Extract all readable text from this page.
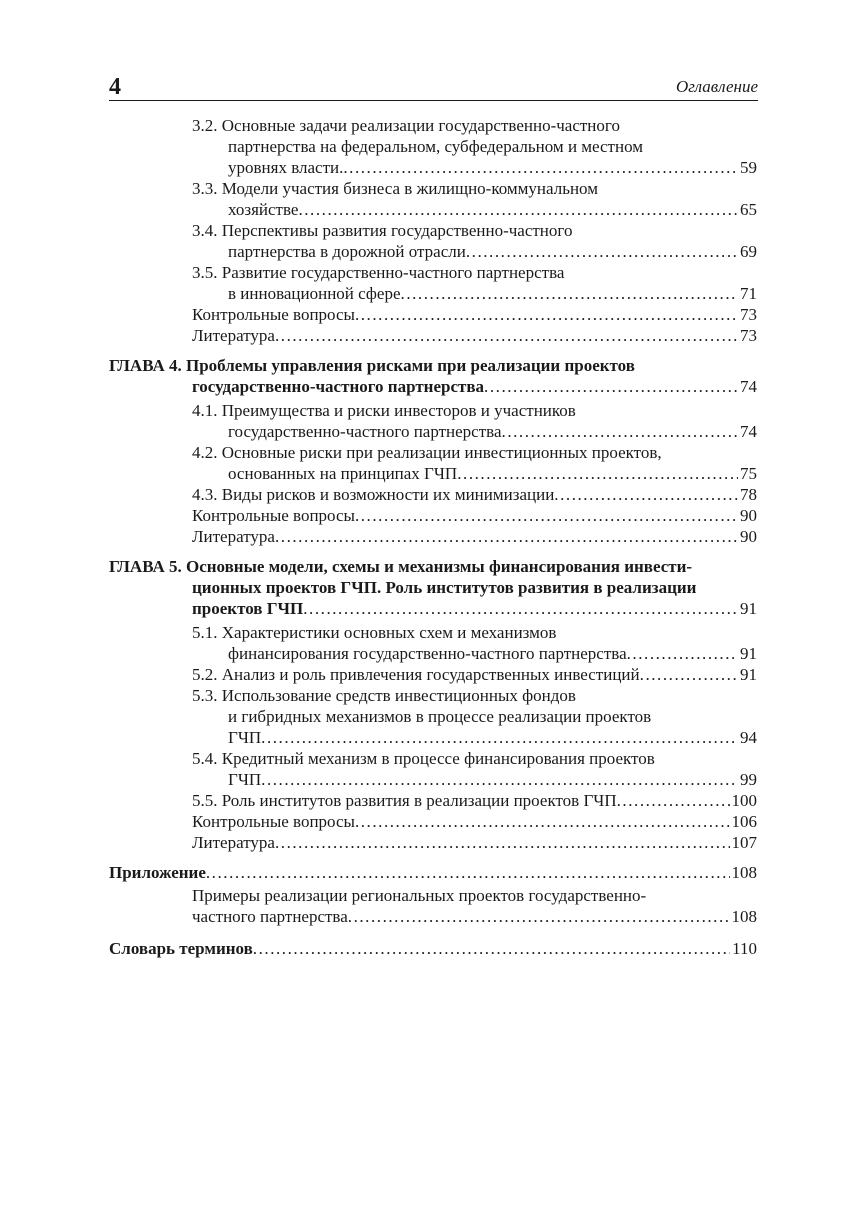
4	Оглавление
3.2. Основные задачи реализации государственно-частного
партнерства на федеральном, субфедеральном и местном
уровнях власти. . . .	59
3.3. Модели участия бизнеса в жилищно-коммунальном
хозяйстве . . .	65
3.4. Перспективы развития государственно-частного
партнерства в дорожной отрасли . . .	69
3.5. Развитие государственно-частного партнерства
в инновационной сфере . . .	71
Контрольные вопросы . . .	73
Литература . . .	73
ГЛАВА 4. Проблемы управления рисками при реализации проектов
государственно-частного партнерства . . .	74
4.1. Преимущества и риски инвесторов и участников
государственно-частного партнерства . . .	74
4.2. Основные риски при реализации инвестиционных проектов,
основанных на принципах ГЧП . . .	75
4.3. Виды рисков и возможности их минимизации . . .	78
Контрольные вопросы . . .	90
Литература . . .	90
ГЛАВА 5. Основные модели, схемы и механизмы финансирования инвести-
ционных проектов ГЧП. Роль институтов развития в реализации
проектов ГЧП . . .	91
5.1. Характеристики основных схем и механизмов
финансирования государственно-частного партнерства . . .	91
5.2. Анализ и роль привлечения государственных инвестиций . . .	91
5.3. Использование средств инвестиционных фондов
и гибридных механизмов в процессе реализации проектов
ГЧП . . .	94
5.4. Кредитный механизм в процессе финансирования проектов
ГЧП . . .	99
5.5. Роль институтов развития в реализации проектов ГЧП . . .	100
Контрольные вопросы . . .	106
Литература . . .	107
Приложение . . .	108
Примеры реализации региональных проектов государственно-
частного партнерства . . .	108
Словарь терминов . . .	110
